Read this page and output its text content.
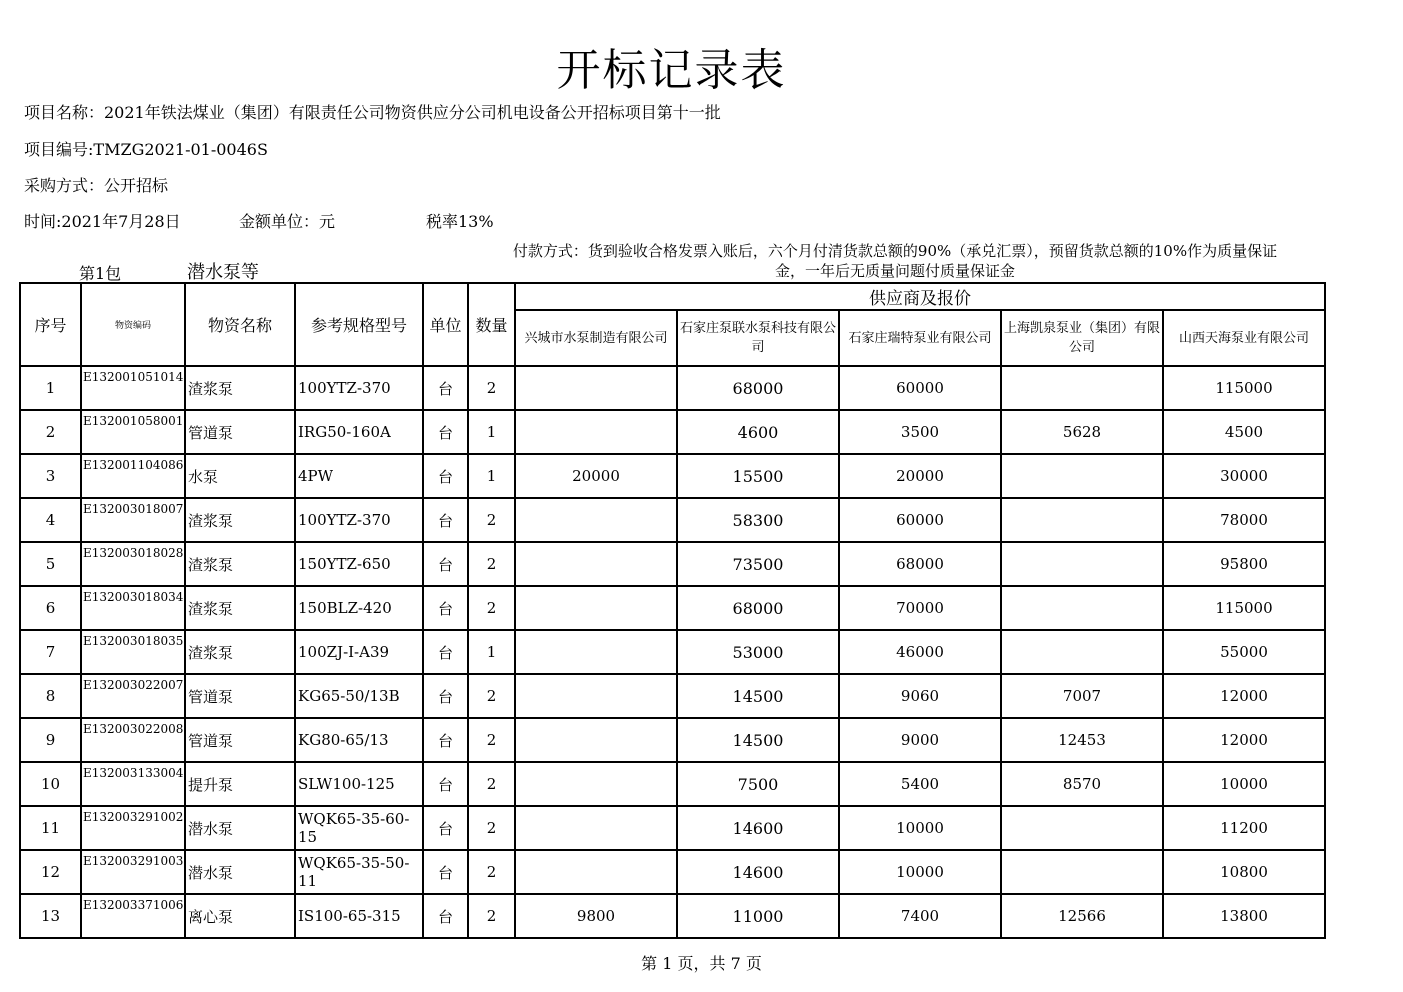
开标记录表
项目名称：2021年铁法煤业（集团）有限责任公司物资供应分公司机电设备公开招标项目第十一批
项目编号:TMZG2021-01-0046S
采购方式：公开招标
时间:2021年7月28日	金额单位：元	税率13%
付款方式：货到验收合格发票入账后，六个月付清货款总额的90%（承兑汇票），预留货款总额的10%作为质量保证
金，一年后无质量问题付质量保证金
第1包	潜水泵等
序号	物资编码	物资名称	参考规格型号	单位	数量	供应商及报价				
						兴城市水泵制造有限公司	石家庄泵联水泵科技有限公司	石家庄瑞特泵业有限公司	上海凯泉泵业（集团）有限公司	山西天海泵业有限公司
1	E132001051014	渣浆泵	100YTZ-370	台	2		68000	60000		115000
2	E132001058001	管道泵	IRG50-160A	台	1		4600	3500	5628	4500
3	E132001104086	水泵	4PW	台	1	20000	15500	20000		30000
4	E132003018007	渣浆泵	100YTZ-370	台	2		58300	60000		78000
5	E132003018028	渣浆泵	150YTZ-650	台	2		73500	68000		95800
6	E132003018034	渣浆泵	150BLZ-420	台	2		68000	70000		115000
7	E132003018035	渣浆泵	100ZJ-I-A39	台	1		53000	46000		55000
8	E132003022007	管道泵	KG65-50/13B	台	2		14500	9060	7007	12000
9	E132003022008	管道泵	KG80-65/13	台	2		14500	9000	12453	12000
10	E132003133004	提升泵	SLW100-125	台	2		7500	5400	8570	10000
11	E132003291002	潜水泵	WQK65-35-60-15	台	2		14600	10000		11200
12	E132003291003	潜水泵	WQK65-35-50-11	台	2		14600	10000		10800
13	E132003371006	离心泵	IS100-65-315	台	2	9800	11000	7400	12566	13800
第 1 页，共 7 页
